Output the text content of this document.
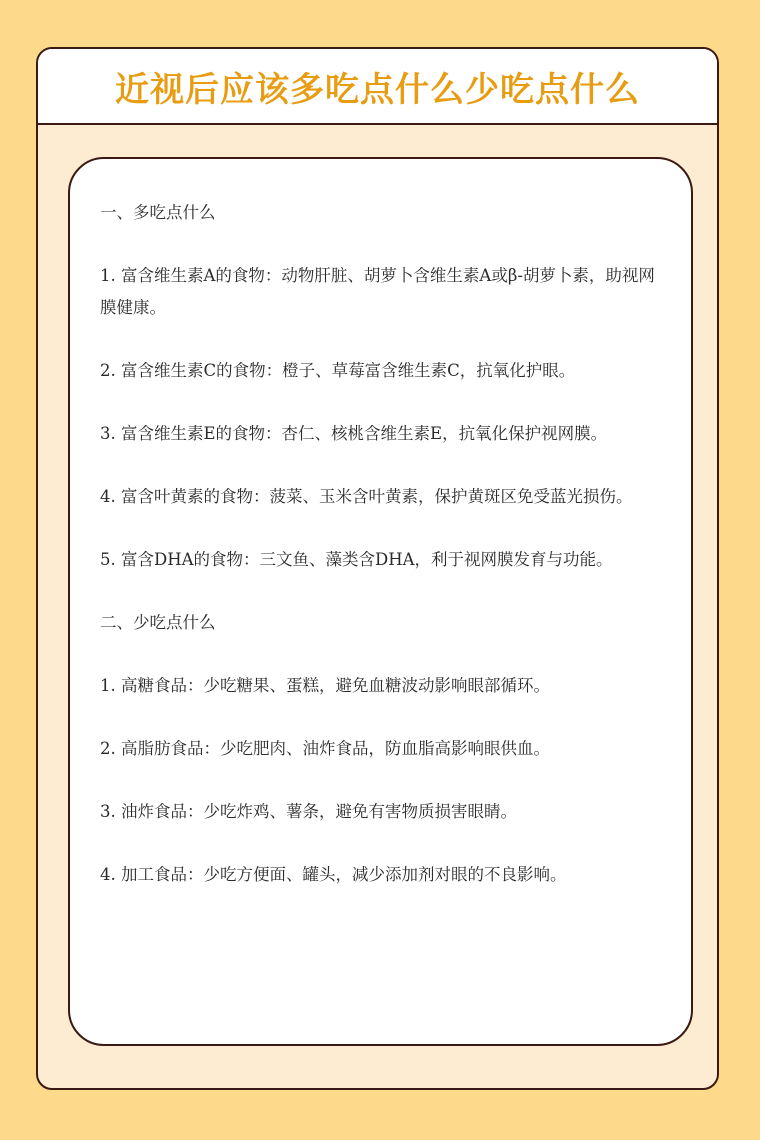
近视后应该多吃点什么少吃点什么

一、多吃点什么

1. 富含维生素A的食物：动物肝脏、胡萝卜含维生素A或β-胡萝卜素，助视网膜健康。

2. 富含维生素C的食物：橙子、草莓富含维生素C，抗氧化护眼。

3. 富含维生素E的食物：杏仁、核桃含维生素E，抗氧化保护视网膜。

4. 富含叶黄素的食物：菠菜、玉米含叶黄素，保护黄斑区免受蓝光损伤。

5. 富含DHA的食物：三文鱼、藻类含DHA，利于视网膜发育与功能。

二、少吃点什么

1. 高糖食品：少吃糖果、蛋糕，避免血糖波动影响眼部循环。

2. 高脂肪食品：少吃肥肉、油炸食品，防血脂高影响眼供血。

3. 油炸食品：少吃炸鸡、薯条，避免有害物质损害眼睛。

4. 加工食品：少吃方便面、罐头，减少添加剂对眼的不良影响。
